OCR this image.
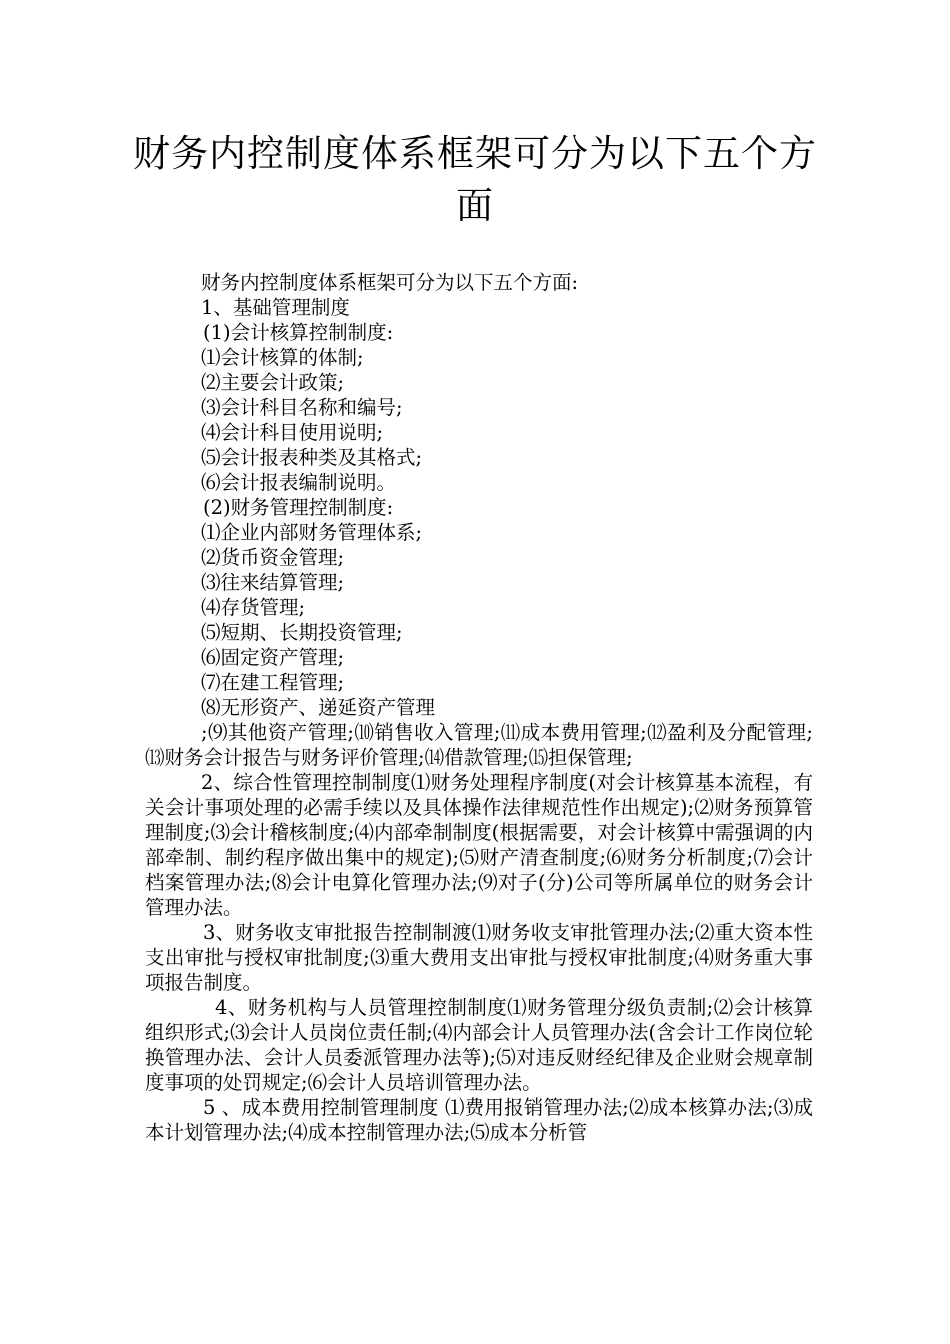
财务内控制度体系框架可分为以下五个方面
财务内控制度体系框架可分为以下五个方面:
1、基础管理制度
(1)会计核算控制制度:
⑴会计核算的体制;
⑵主要会计政策;
⑶会计科目名称和编号;
⑷会计科目使用说明;
⑸会计报表种类及其格式;
⑹会计报表编制说明。
(2)财务管理控制制度:
⑴企业内部财务管理体系;
⑵货币资金管理;
⑶往来结算管理;
⑷存货管理;
⑸短期、长期投资管理;
⑹固定资产管理;
⑺在建工程管理;
⑻无形资产、递延资产管理

;⑼其他资产管理;⑽销售收入管理;⑾成本费用管理;⑿盈利及分配管理;⒀财务会计报告与财务评价管理;⒁借款管理;⒂担保管理;

2、综合性管理控制制度⑴财务处理程序制度(对会计核算基本流程，有关会计事项处理的必需手续以及具体操作法律规范性作出规定);⑵财务预算管理制度;⑶会计稽核制度;⑷内部牵制制度(根据需要，对会计核算中需强调的内部牵制、制约程序做出集中的规定);⑸财产清查制度;⑹财务分析制度;⑺会计档案管理办法;⑻会计电算化管理办法;⑼对子(分)公司等所属单位的财务会计管理办法。

3、财务收支审批报告控制制渡⑴财务收支审批管理办法;⑵重大资本性支出审批与授权审批制度;⑶重大费用支出审批与授权审批制度;⑷财务重大事项报告制度。

4、财务机构与人员管理控制制度⑴财务管理分级负责制;⑵会计核算组织形式;⑶会计人员岗位责任制;⑷内部会计人员管理办法(含会计工作岗位轮换管理办法、会计人员委派管理办法等);⑸对违反财经纪律及企业财会规章制度事项的处罚规定;⑹会计人员培训管理办法。

5 、成本费用控制管理制度 ⑴费用报销管理办法;⑵成本核算办法;⑶成本计划管理办法;⑷成本控制管理办法;⑸成本分析管
